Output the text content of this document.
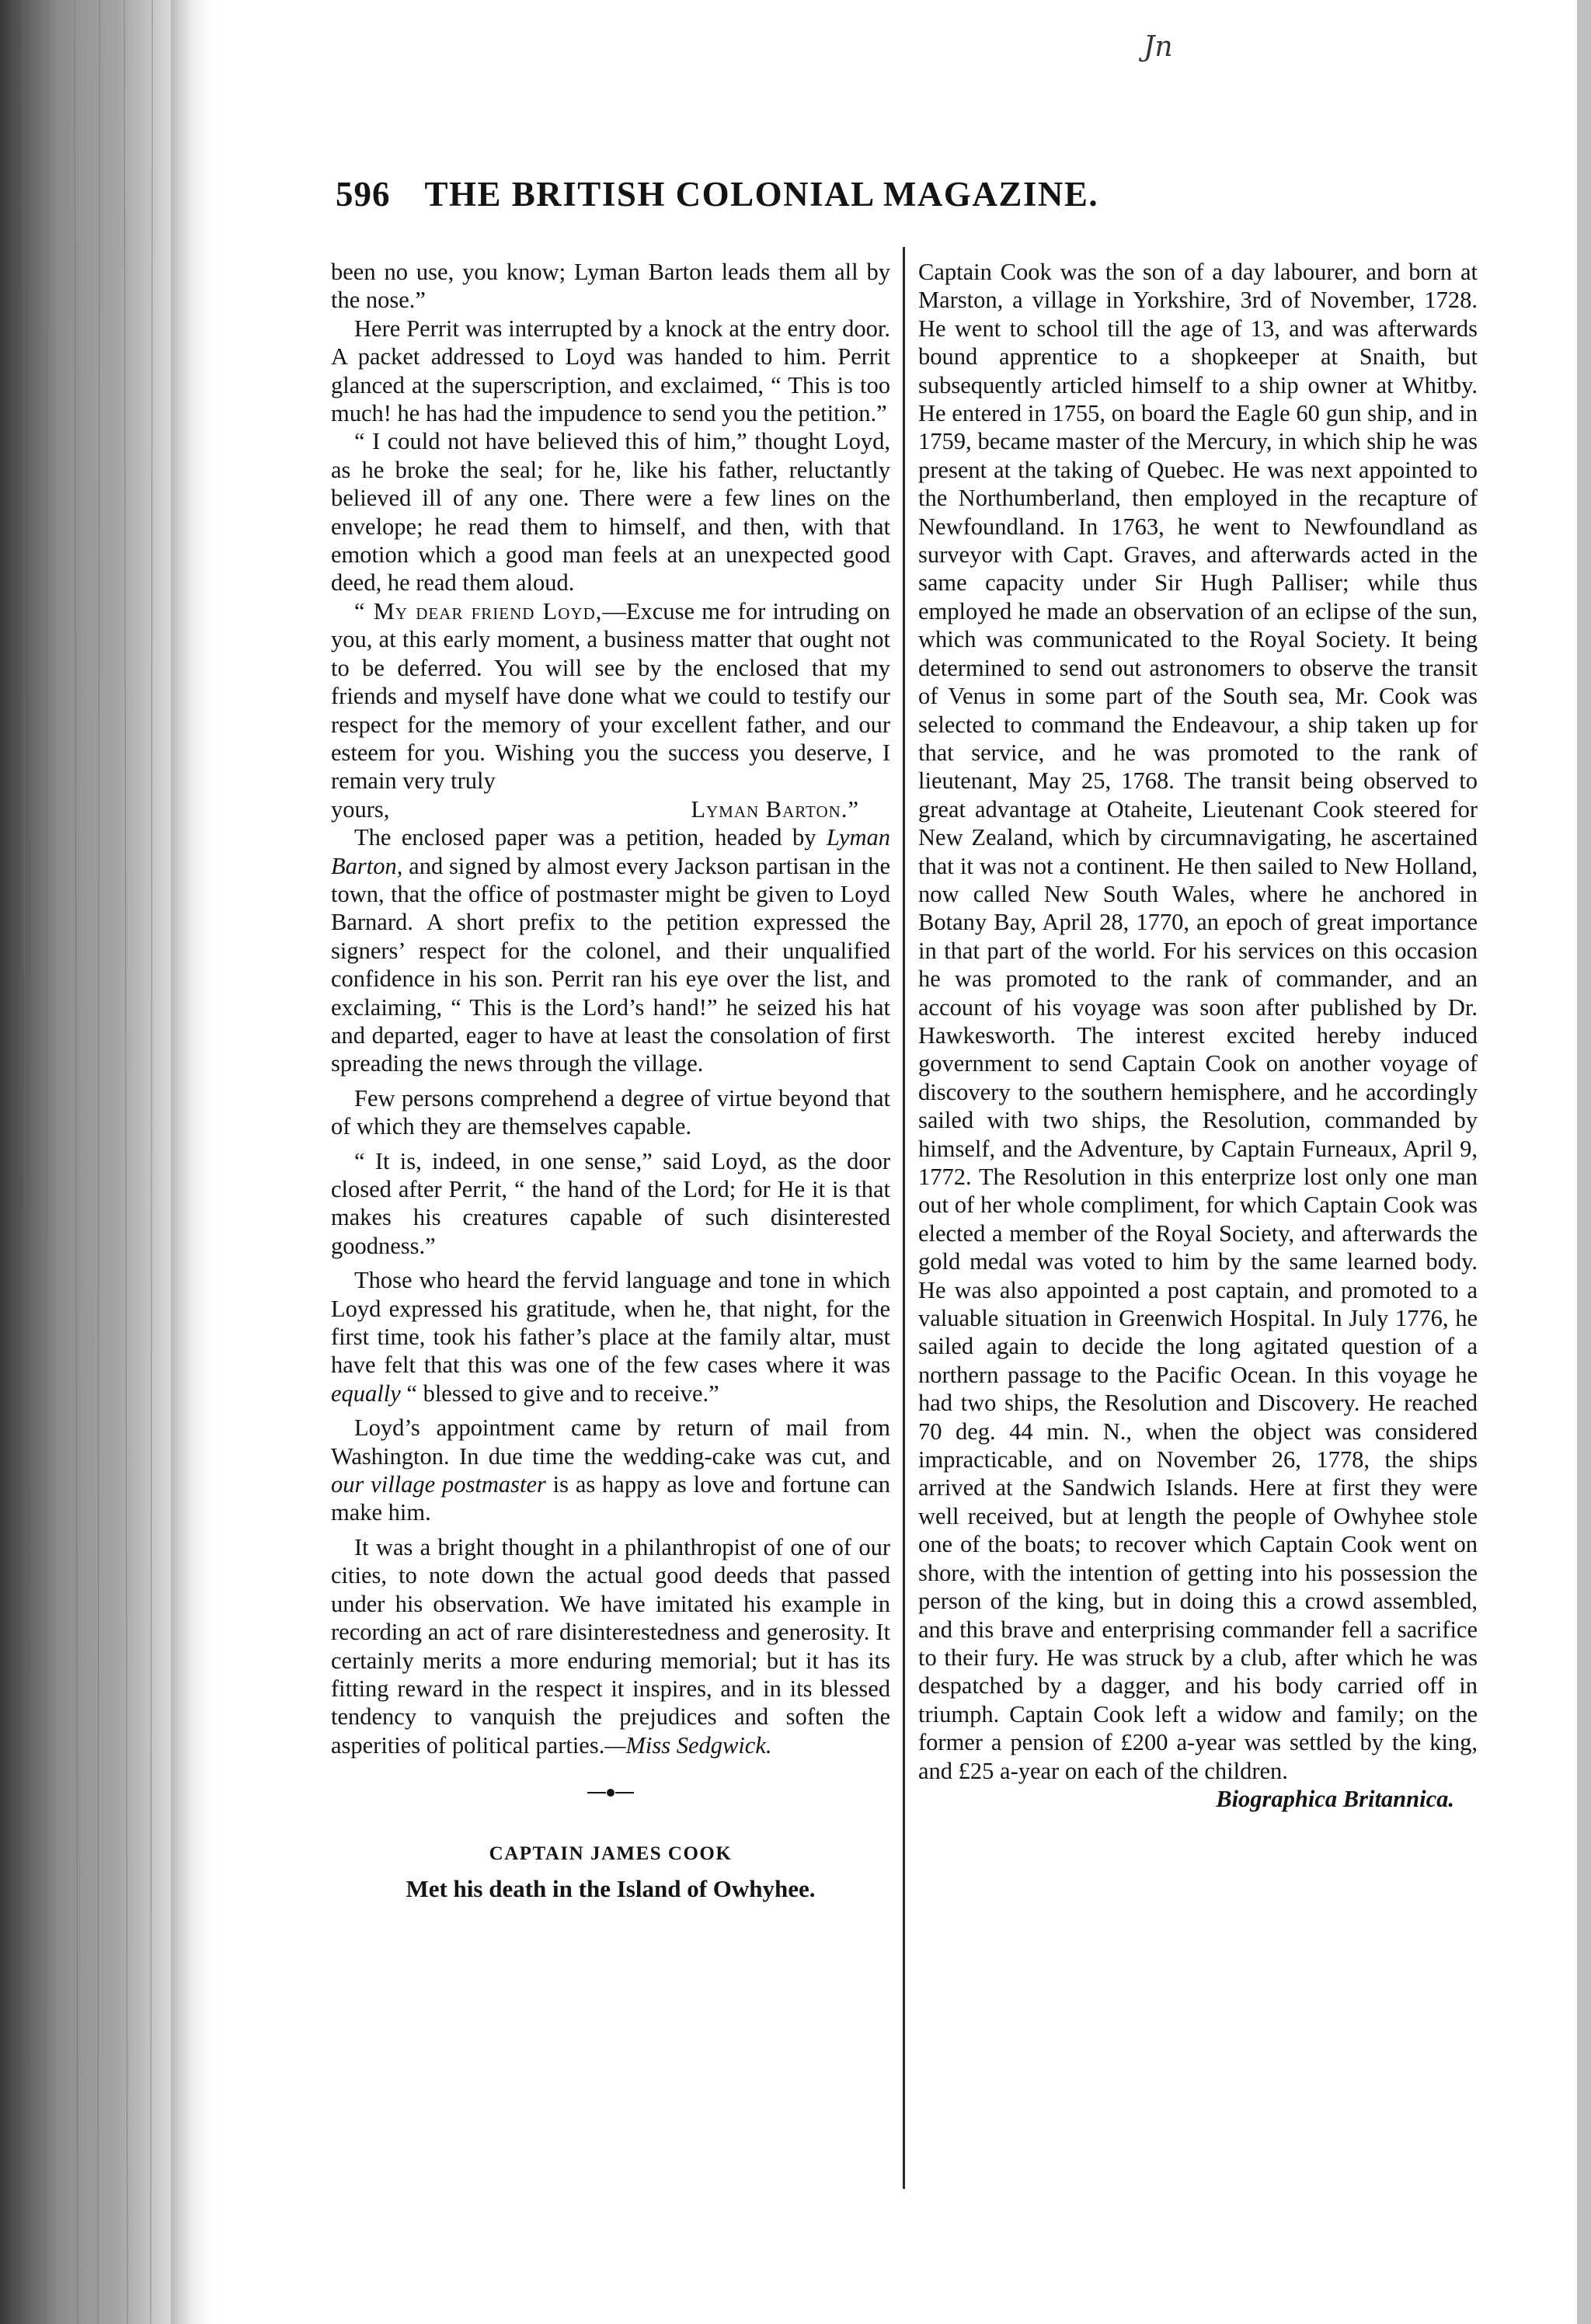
Jn
596 THE BRITISH COLONIAL MAGAZINE.

been no use, you know; Lyman Barton leads them all by the nose.”

Here Perrit was interrupted by a knock at the entry door. A packet addressed to Loyd was handed to him. Perrit glanced at the superscription, and exclaimed, “ This is too much! he has had the impudence to send you the petition.”

“ I could not have believed this of him,” thought Loyd, as he broke the seal; for he, like his father, reluctantly believed ill of any one. There were a few lines on the envelope; he read them to himself, and then, with that emotion which a good man feels at an unexpected good deed, he read them aloud.

“ My dear friend Loyd,—Excuse me for intruding on you, at this early moment, a business matter that ought not to be deferred. You will see by the enclosed that my friends and myself have done what we could to testify our respect for the memory of your excellent father, and our esteem for you. Wishing you the success you deserve, I remain very truly

yours,	Lyman Barton.”

The enclosed paper was a petition, headed by Lyman Barton, and signed by almost every Jackson partisan in the town, that the office of postmaster might be given to Loyd Barnard. A short prefix to the petition expressed the signers’ respect for the colonel, and their unqualified confidence in his son. Perrit ran his eye over the list, and exclaiming, “ This is the Lord’s hand!” he seized his hat and departed, eager to have at least the consolation of first spreading the news through the village.

Few persons comprehend a degree of virtue beyond that of which they are themselves capable.

“ It is, indeed, in one sense,” said Loyd, as the door closed after Perrit, “ the hand of the Lord; for He it is that makes his creatures capable of such disinterested goodness.”

Those who heard the fervid language and tone in which Loyd expressed his gratitude, when he, that night, for the first time, took his father’s place at the family altar, must have felt that this was one of the few cases where it was equally “ blessed to give and to receive.”

Loyd’s appointment came by return of mail from Washington. In due time the wedding-cake was cut, and our village postmaster is as happy as love and fortune can make him.

It was a bright thought in a philanthropist of one of our cities, to note down the actual good deeds that passed under his observation. We have imitated his example in recording an act of rare disinterestedness and generosity. It certainly merits a more enduring memorial; but it has its fitting reward in the respect it inspires, and in its blessed tendency to vanquish the prejudices and soften the asperities of political parties.—Miss Sedgwick.

CAPTAIN JAMES COOK
Met his death in the Island of Owhyhee.

Captain Cook was the son of a day labourer, and born at Marston, a village in Yorkshire, 3rd of November, 1728. He went to school till the age of 13, and was afterwards bound apprentice to a shopkeeper at Snaith, but subsequently articled himself to a ship owner at Whitby. He entered in 1755, on board the Eagle 60 gun ship, and in 1759, became master of the Mercury, in which ship he was present at the taking of Quebec. He was next appointed to the Northumberland, then employed in the recapture of Newfoundland. In 1763, he went to Newfoundland as surveyor with Capt. Graves, and afterwards acted in the same capacity under Sir Hugh Palliser; while thus employed he made an observation of an eclipse of the sun, which was communicated to the Royal Society. It being determined to send out astronomers to observe the transit of Venus in some part of the South sea, Mr. Cook was selected to command the Endeavour, a ship taken up for that service, and he was promoted to the rank of lieutenant, May 25, 1768. The transit being observed to great advantage at Otaheite, Lieutenant Cook steered for New Zealand, which by circumnavigating, he ascertained that it was not a continent. He then sailed to New Holland, now called New South Wales, where he anchored in Botany Bay, April 28, 1770, an epoch of great importance in that part of the world. For his services on this occasion he was promoted to the rank of commander, and an account of his voyage was soon after published by Dr. Hawkesworth. The interest excited hereby induced government to send Captain Cook on another voyage of discovery to the southern hemisphere, and he accordingly sailed with two ships, the Resolution, commanded by himself, and the Adventure, by Captain Furneaux, April 9, 1772. The Resolution in this enterprize lost only one man out of her whole compliment, for which Captain Cook was elected a member of the Royal Society, and afterwards the gold medal was voted to him by the same learned body. He was also appointed a post captain, and promoted to a valuable situation in Greenwich Hospital. In July 1776, he sailed again to decide the long agitated question of a northern passage to the Pacific Ocean. In this voyage he had two ships, the Resolution and Discovery. He reached 70 deg. 44 min. N., when the object was considered impracticable, and on November 26, 1778, the ships arrived at the Sandwich Islands. Here at first they were well received, but at length the people of Owhyhee stole one of the boats; to recover which Captain Cook went on shore, with the intention of getting into his possession the person of the king, but in doing this a crowd assembled, and this brave and enterprising commander fell a sacrifice to their fury. He was struck by a club, after which he was despatched by a dagger, and his body carried off in triumph. Captain Cook left a widow and family; on the former a pension of £200 a-year was settled by the king, and £25 a-year on each of the children.

Biographica Britannica.
